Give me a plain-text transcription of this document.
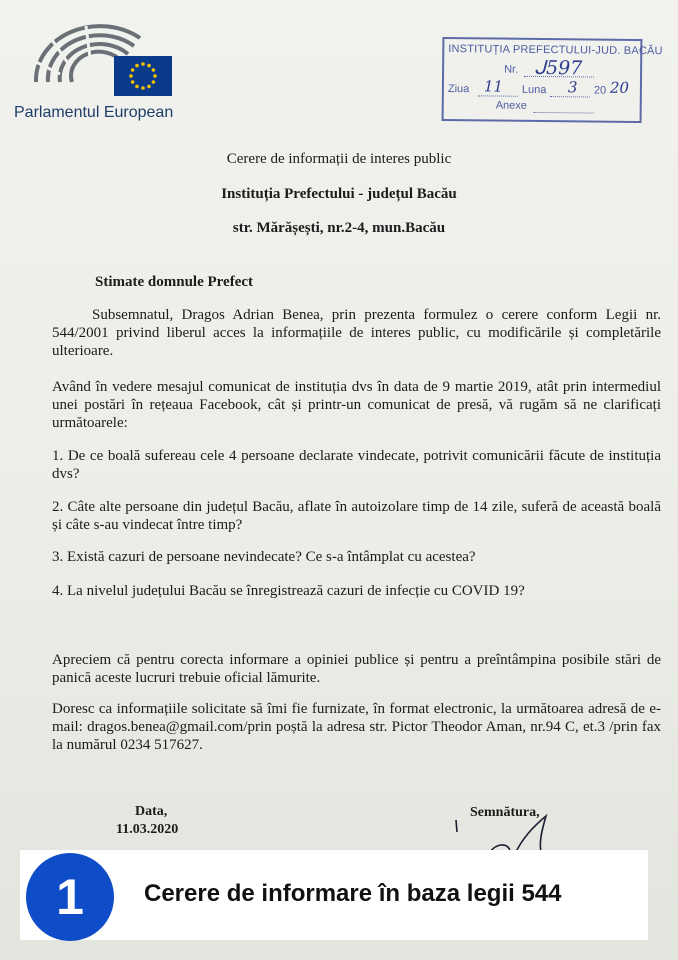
Parlamentul European
INSTITUȚIA PREFECTULUI-JUD. BACĂU
Nr. ᒍ597
Ziua 11 Luna 3 20 20
Anexe
Cerere de informații de interes public
Instituția Prefectului - județul Bacău
str. Mărășești, nr.2-4, mun.Bacău
Stimate domnule Prefect
Subsemnatul, Dragos Adrian Benea, prin prezenta formulez o cerere conform Legii nr. 544/2001 privind liberul acces la informațiile de interes public, cu modificările și completările ulterioare.
Având în vedere mesajul comunicat de instituția dvs în data de 9 martie 2019, atât prin intermediul unei postări în rețeaua Facebook, cât și printr-un comunicat de presă, vă rugăm să ne clarificați următoarele:
1. De ce boală sufereau cele 4 persoane declarate vindecate, potrivit comunicării făcute de instituția dvs?
2. Câte alte persoane din județul Bacău, aflate în autoizolare timp de 14 zile, suferă de această boală și câte s-au vindecat între timp?
3. Există cazuri de persoane nevindecate? Ce s-a întâmplat cu acestea?
4. La nivelul județului Bacău se înregistrează cazuri de infecție cu COVID 19?
Apreciem că pentru corecta informare a opiniei publice și pentru a preîntâmpina posibile stări de panică aceste lucruri trebuie oficial lămurite.
Doresc ca informațiile solicitate să îmi fie furnizate, în format electronic, la următoarea adresă de e-mail: dragos.benea@gmail.com/prin poștă la adresa str. Pictor Theodor Aman, nr.94 C, et.3 /prin fax la numărul 0234 517627.
Data,
11.03.2020
Semnătura,
1	Cerere de informare în baza legii 544
